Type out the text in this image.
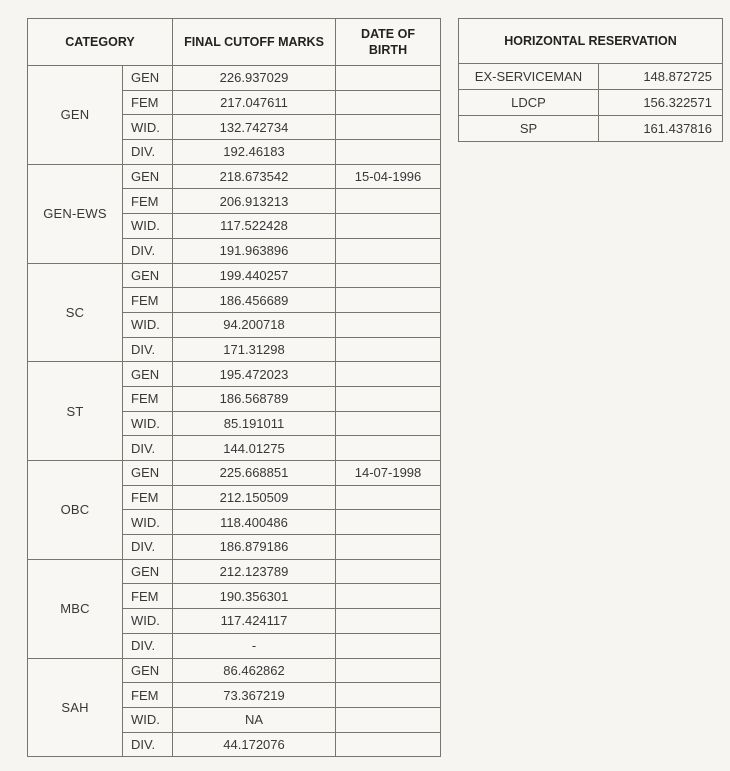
CATEGORY		FINAL CUTOFF MARKS	DATE OF BIRTH
GEN	GEN	226.937029	
	FEM	217.047611	
	WID.	132.742734	
	DIV.	192.46183	
GEN-EWS	GEN	218.673542	15-04-1996
	FEM	206.913213	
	WID.	117.522428	
	DIV.	191.963896	
SC	GEN	199.440257	
	FEM	186.456689	
	WID.	94.200718	
	DIV.	171.31298	
ST	GEN	195.472023	
	FEM	186.568789	
	WID.	85.191011	
	DIV.	144.01275	
OBC	GEN	225.668851	14-07-1998
	FEM	212.150509	
	WID.	118.400486	
	DIV.	186.879186	
MBC	GEN	212.123789	
	FEM	190.356301	
	WID.	117.424117	
	DIV.	-	
SAH	GEN	86.462862	
	FEM	73.367219	
	WID.	NA	
	DIV.	44.172076	
HORIZONTAL RESERVATION	
EX-SERVICEMAN	148.872725
LDCP	156.322571
SP	161.437816
